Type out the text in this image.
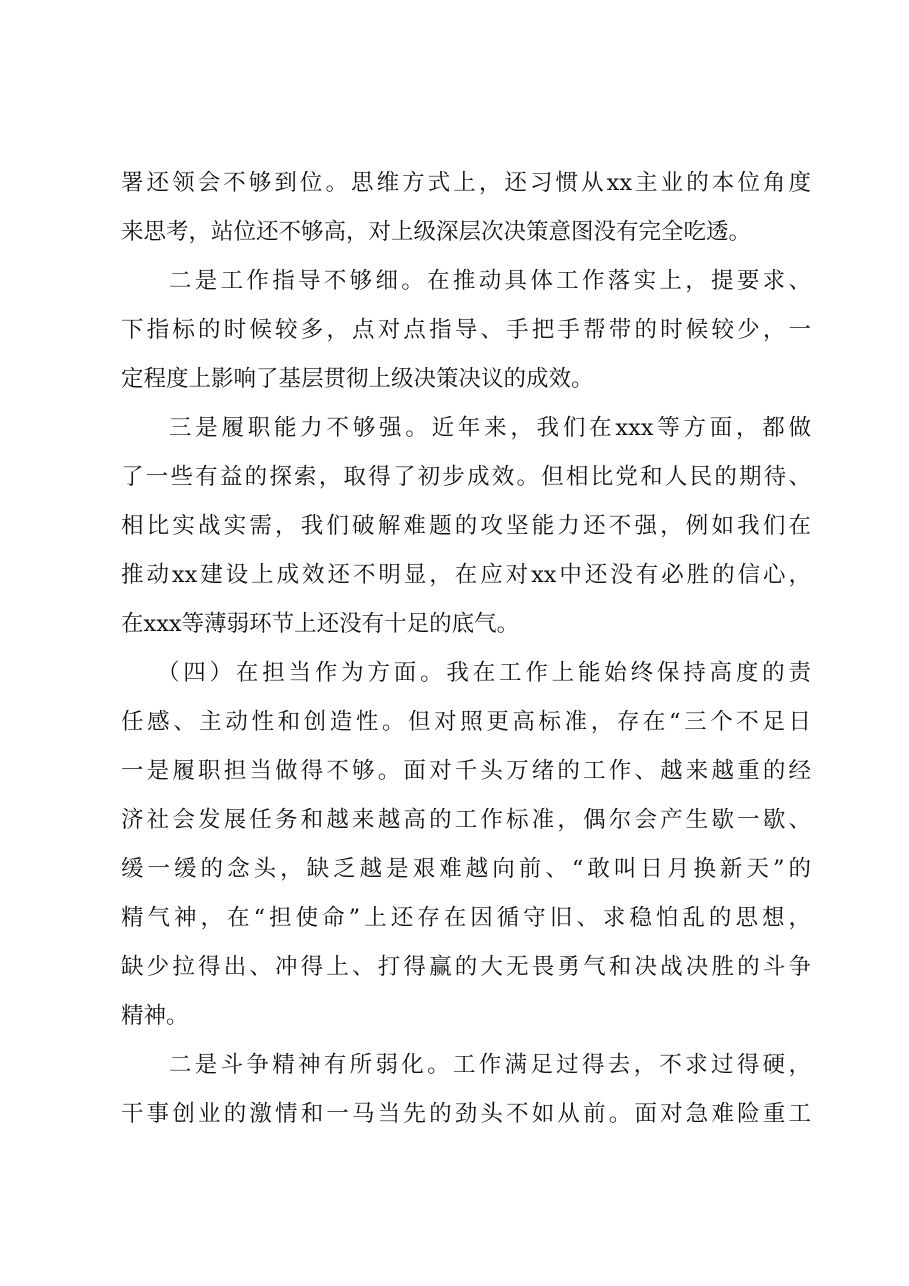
署还领会不够到位。思维方式上，还习惯从xx主业的本位角度
来思考，站位还不够高，对上级深层次决策意图没有完全吃透。
二是工作指导不够细。在推动具体工作落实上，提要求、
下指标的时候较多，点对点指导、手把手帮带的时候较少，一
定程度上影响了基层贯彻上级决策决议的成效。
三是履职能力不够强。近年来，我们在xxx等方面，都做
了一些有益的探索，取得了初步成效。但相比党和人民的期待、
相比实战实需，我们破解难题的攻坚能力还不强，例如我们在
推动xx建设上成效还不明显，在应对xx中还没有必胜的信心，
在xxx等薄弱环节上还没有十足的底气。
（四）在担当作为方面。我在工作上能始终保持高度的责
任感、主动性和创造性。但对照更高标准，存在“三个不足日
一是履职担当做得不够。面对千头万绪的工作、越来越重的经
济社会发展任务和越来越高的工作标准，偶尔会产生歇一歇、
缓一缓的念头，缺乏越是艰难越向前、“敢叫日月换新天”的
精气神，在“担使命”上还存在因循守旧、求稳怕乱的思想，
缺少拉得出、冲得上、打得赢的大无畏勇气和决战决胜的斗争
精神。
二是斗争精神有所弱化。工作满足过得去，不求过得硬，
干事创业的激情和一马当先的劲头不如从前。面对急难险重工
